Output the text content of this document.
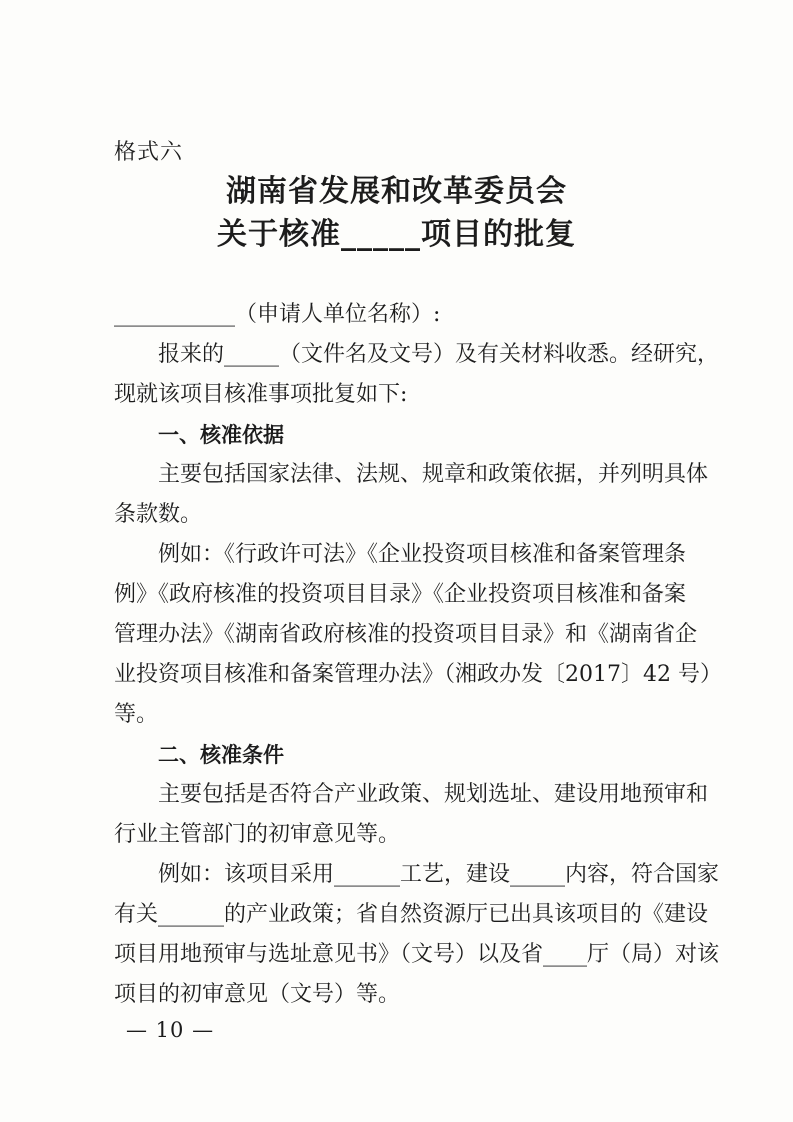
格式六
湖南省发展和改革委员会
关于核准_____项目的批复
___________（申请人单位名称）:
报来的_____（文件名及文号）及有关材料收悉。经研究，
现就该项目核准事项批复如下:
一、核准依据
主要包括国家法律、法规、规章和政策依据，并列明具体
条款数。
例如：《行政许可法》《企业投资项目核准和备案管理条
例》《政府核准的投资项目目录》《企业投资项目核准和备案
管理办法》《湖南省政府核准的投资项目目录》和《湖南省企
业投资项目核准和备案管理办法》（湘政办发〔2017〕42 号）
等。
二、核准条件
主要包括是否符合产业政策、规划选址、建设用地预审和
行业主管部门的初审意见等。
例如：该项目采用______工艺，建设_____内容，符合国家
有关______的产业政策；省自然资源厅已出具该项目的《建设
项目用地预审与选址意见书》（文号）以及省____厅（局）对该
项目的初审意见（文号）等。
— 10 —
